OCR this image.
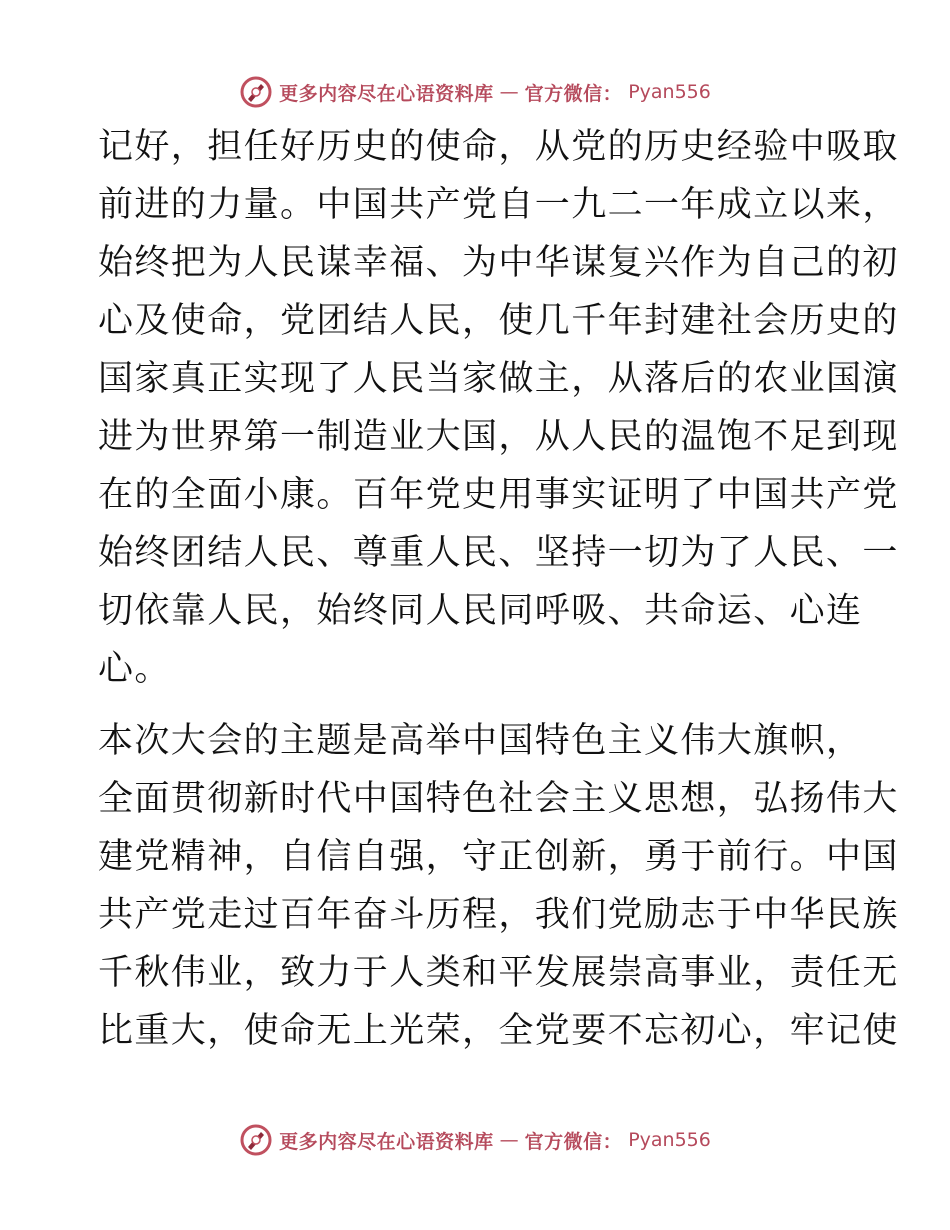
更多内容尽在心语资料库 — 官方微信： Pyan556

记好，担任好历史的使命，从党的历史经验中吸取
前进的力量。中国共产党自一九二一年成立以来，
始终把为人民谋幸福、为中华谋复兴作为自己的初
心及使命，党团结人民，使几千年封建社会历史的
国家真正实现了人民当家做主，从落后的农业国演
进为世界第一制造业大国，从人民的温饱不足到现
在的全面小康。百年党史用事实证明了中国共产党
始终团结人民、尊重人民、坚持一切为了人民、一
切依靠人民，始终同人民同呼吸、共命运、心连
心。

本次大会的主题是高举中国特色主义伟大旗帜，
全面贯彻新时代中国特色社会主义思想，弘扬伟大
建党精神，自信自强，守正创新，勇于前行。中国
共产党走过百年奋斗历程，我们党励志于中华民族
千秋伟业，致力于人类和平发展崇高事业，责任无
比重大，使命无上光荣，全党要不忘初心，牢记使

更多内容尽在心语资料库 — 官方微信： Pyan556
